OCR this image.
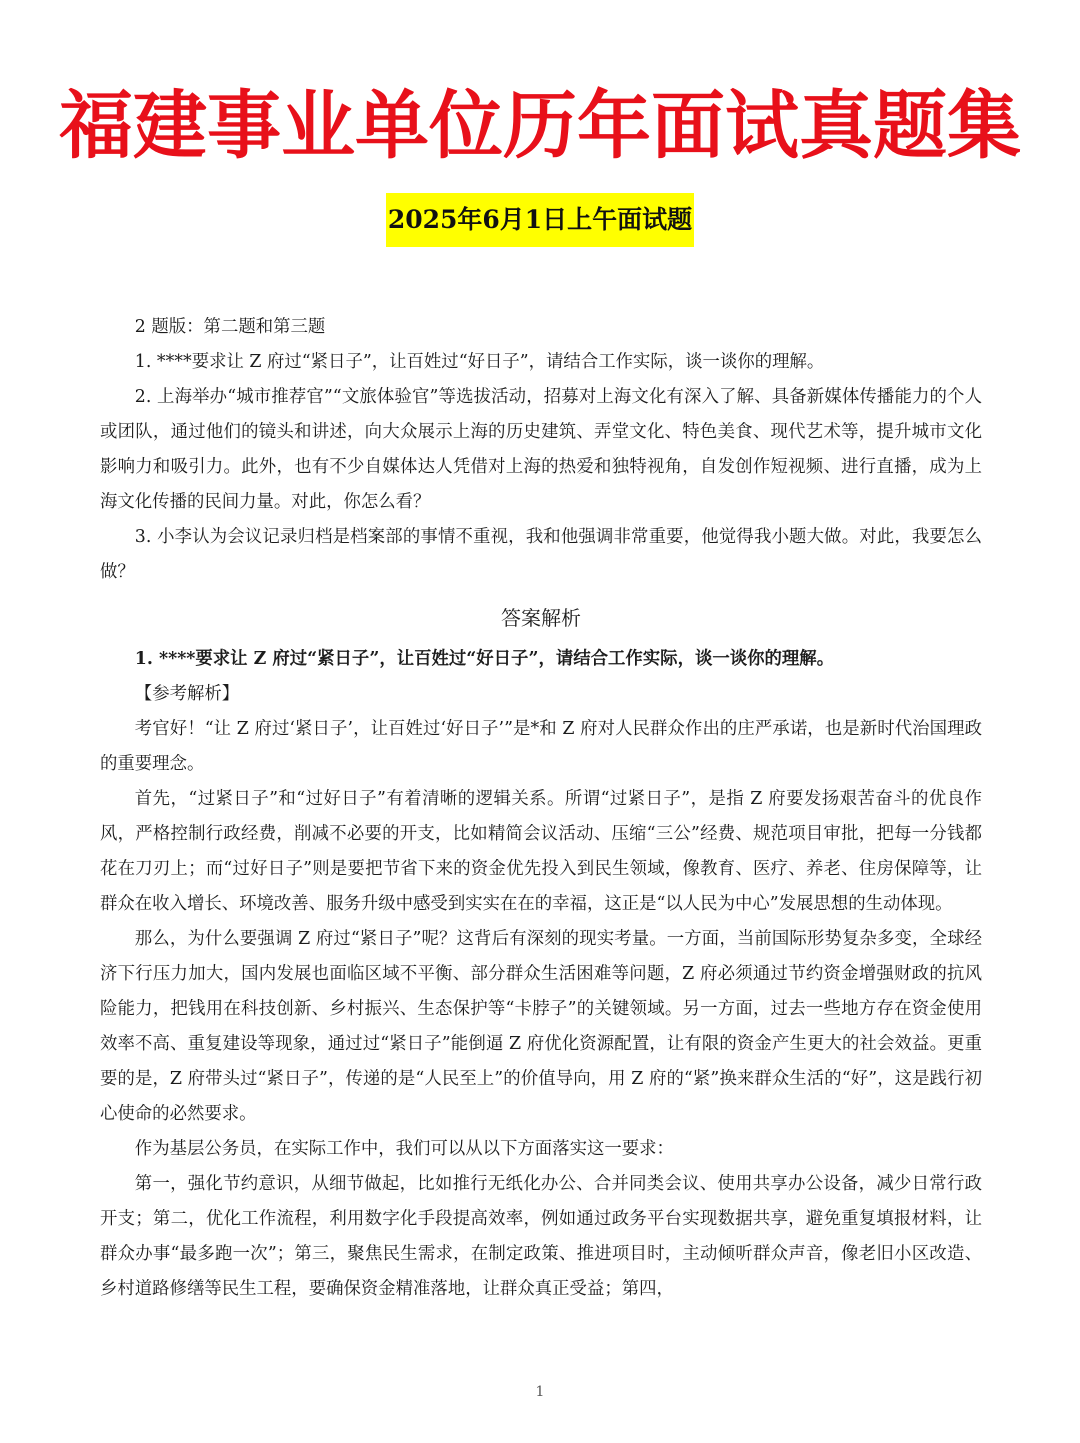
福建事业单位历年面试真题集
2025年6月1日上午面试题

2 题版：第二题和第三题

1. ****要求让 Z 府过“紧日子”，让百姓过“好日子”，请结合工作实际，谈一谈你的理解。

2. 上海举办“城市推荐官”“文旅体验官”等选拔活动，招募对上海文化有深入了解、具备新媒体传播能力的个人或团队，通过他们的镜头和讲述，向大众展示上海的历史建筑、弄堂文化、特色美食、现代艺术等，提升城市文化影响力和吸引力。此外，也有不少自媒体达人凭借对上海的热爱和独特视角，自发创作短视频、进行直播，成为上海文化传播的民间力量。对此，你怎么看？

3. 小李认为会议记录归档是档案部的事情不重视，我和他强调非常重要，他觉得我小题大做。对此，我要怎么做？

答案解析

1. ****要求让 Z 府过“紧日子”，让百姓过“好日子”，请结合工作实际，谈一谈你的理解。

【参考解析】

考官好！“让 Z 府过‘紧日子’，让百姓过‘好日子’”是*和 Z 府对人民群众作出的庄严承诺，也是新时代治国理政的重要理念。

首先，“过紧日子”和“过好日子”有着清晰的逻辑关系。所谓“过紧日子”，是指 Z 府要发扬艰苦奋斗的优良作风，严格控制行政经费，削减不必要的开支，比如精简会议活动、压缩“三公”经费、规范项目审批，把每一分钱都花在刀刃上；而“过好日子”则是要把节省下来的资金优先投入到民生领域，像教育、医疗、养老、住房保障等，让群众在收入增长、环境改善、服务升级中感受到实实在在的幸福，这正是“以人民为中心”发展思想的生动体现。

那么，为什么要强调 Z 府过“紧日子”呢？这背后有深刻的现实考量。一方面，当前国际形势复杂多变，全球经济下行压力加大，国内发展也面临区域不平衡、部分群众生活困难等问题，Z 府必须通过节约资金增强财政的抗风险能力，把钱用在科技创新、乡村振兴、生态保护等“卡脖子”的关键领域。另一方面，过去一些地方存在资金使用效率不高、重复建设等现象，通过过“紧日子”能倒逼 Z 府优化资源配置，让有限的资金产生更大的社会效益。更重要的是，Z 府带头过“紧日子”，传递的是“人民至上”的价值导向，用 Z 府的“紧”换来群众生活的“好”，这是践行初心使命的必然要求。

作为基层公务员，在实际工作中，我们可以从以下方面落实这一要求：

第一，强化节约意识，从细节做起，比如推行无纸化办公、合并同类会议、使用共享办公设备，减少日常行政开支；第二，优化工作流程，利用数字化手段提高效率，例如通过政务平台实现数据共享，避免重复填报材料，让群众办事“最多跑一次”；第三，聚焦民生需求，在制定政策、推进项目时，主动倾听群众声音，像老旧小区改造、乡村道路修缮等民生工程，要确保资金精准落地，让群众真正受益；第四，

1
